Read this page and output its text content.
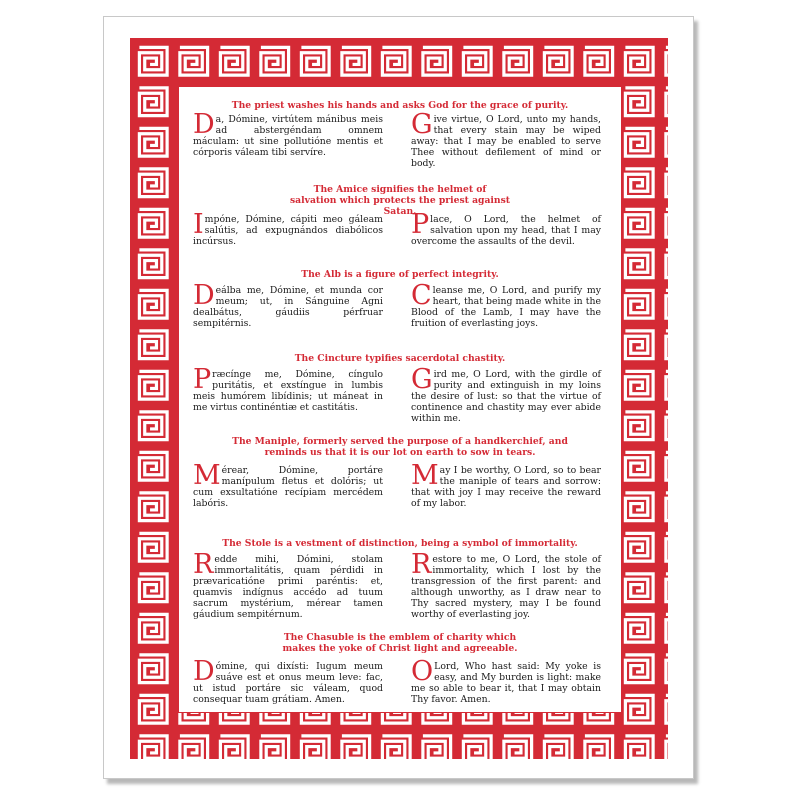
The priest washes his hands and asks God for the grace of purity.
Da, Dómine, virtútem mánibus meis ad abstergéndam omnem máculam: ut sine pollutióne mentis et córporis váleam tibi servíre.
Give virtue, O Lord, unto my hands, that every stain may be wiped away: that I may be enabled to serve Thee without defilement of mind or body.
The Amice signifies the helmet of salvation which protects the priest against Satan.
Impóne, Dómine, cápiti meo gáleam salútis, ad expugnándos diabólicos incúrsus.
Place, O Lord, the helmet of salvation upon my head, that I may overcome the assaults of the devil.
The Alb is a figure of perfect integrity.
Deálba me, Dómine, et munda cor meum; ut, in Sánguine Agni dealbátus, gáudiis pérfruar sempitérnis.
Cleanse me, O Lord, and purify my heart, that being made white in the Blood of the Lamb, I may have the fruition of everlasting joys.
The Cincture typifies sacerdotal chastity.
Præcínge me, Dómine, cíngulo puritátis, et exstíngue in lumbis meis humórem libídinis; ut máneat in me virtus continéntiæ et castitátis.
Gird me, O Lord, with the girdle of purity and extinguish in my loins the desire of lust: so that the virtue of continence and chastity may ever abide within me.
The Maniple, formerly served the purpose of a handkerchief, and reminds us that it is our lot on earth to sow in tears.
Mérear, Dómine, portáre manípulum fletus et dolóris; ut cum exsultatióne recípiam mercédem labóris.
May I be worthy, O Lord, so to bear the maniple of tears and sorrow: that with joy I may receive the reward of my labor.
The Stole is a vestment of distinction, being a symbol of immortality.
Redde mihi, Dómini, stolam immortalitátis, quam pérdidi in prævaricatióne primi paréntis: et, quamvis indígnus accédo ad tuum sacrum mystérium, mérear tamen gáudium sempitérnum.
Restore to me, O Lord, the stole of immortality, which I lost by the transgression of the first parent: and although unworthy, as I draw near to Thy sacred mystery, may I be found worthy of everlasting joy.
The Chasuble is the emblem of charity which makes the yoke of Christ light and agreeable.
Dómine, qui dixísti: Iugum meum suáve est et onus meum leve: fac, ut istud portáre sic váleam, quod consequar tuam grátiam. Amen.
O Lord, Who hast said: My yoke is easy, and My burden is light: make me so able to bear it, that I may obtain Thy favor. Amen.
